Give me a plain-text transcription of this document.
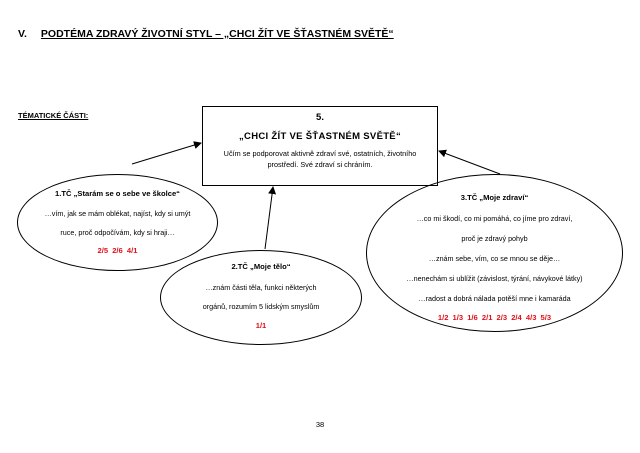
V. PODTÉMA ZDRAVÝ ŽIVOTNÍ STYL – „CHCI ŽÍT VE ŠŤASTNÉM SVĚTĚ“
TÉMATICKÉ ČÁSTI:	5.
„CHCI ŽÍT VE ŠŤASTNÉM SVĚTĚ“
Učím se podporovat aktivně zdraví své, ostatních, životního prostředí. Své zdraví si chráním.
1.TČ „Starám se o sebe ve školce“
…vím, jak se mám oblékat, najíst, kdy si umýt
ruce, proč odpočívám, kdy si hraji…
2/5 2/6 4/1
2.TČ „Moje tělo“
…znám části těla, funkci některých
orgánů, rozumím 5 lidským smyslům
1/1
3.TČ „Moje zdraví“
…co mi škodí, co mi pomáhá, co jíme pro zdraví,
proč je zdravý pohyb
…znám sebe, vím, co se mnou se děje…
…nenechám si ublížit (závislost, týrání, návykové látky)
…radost a dobrá nálada potěší mne i kamaráda
1/2 1/3 1/6 2/1 2/3 2/4 4/3 5/3
38
